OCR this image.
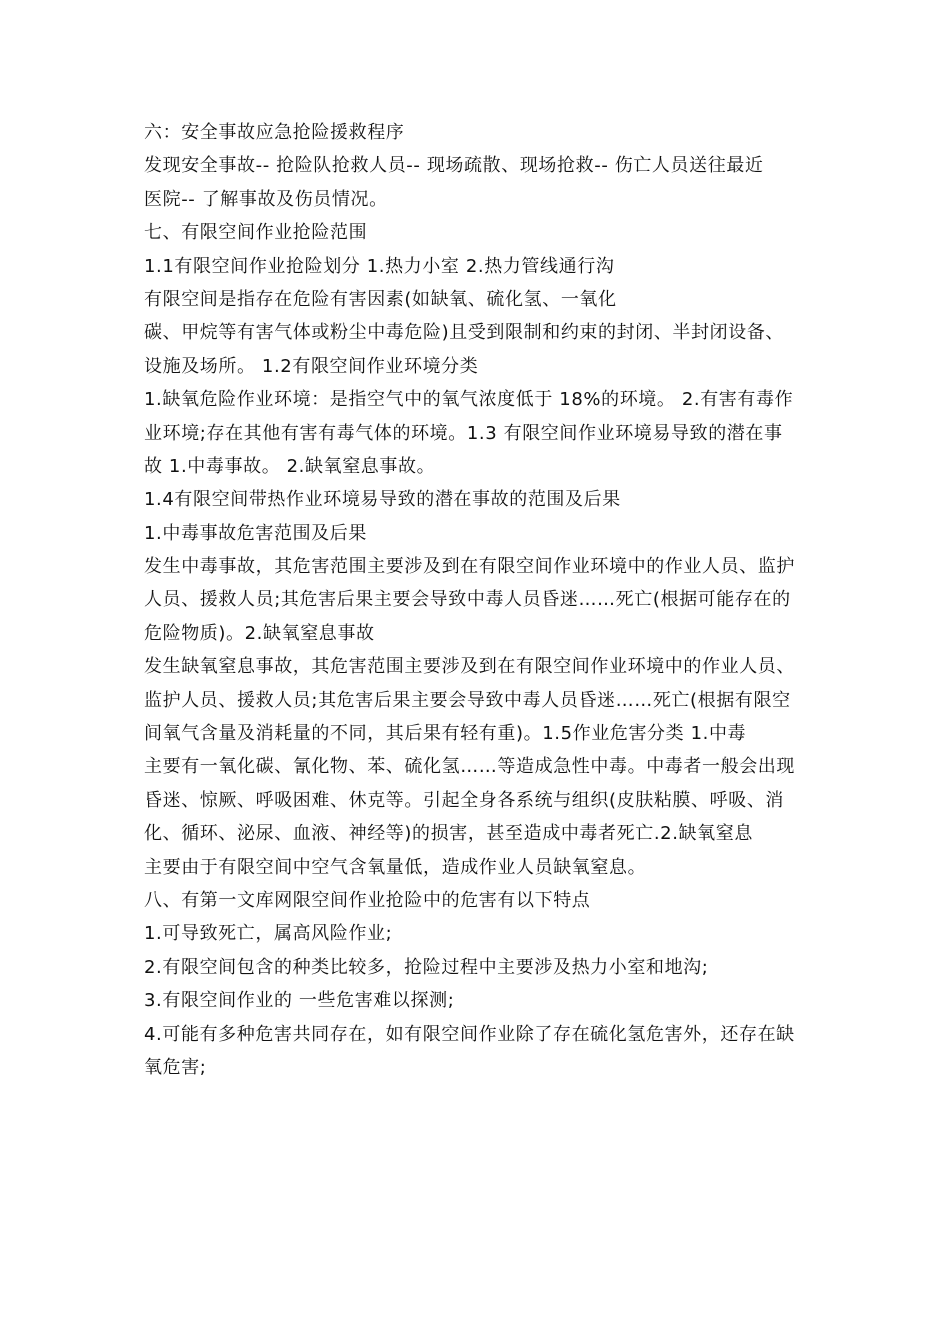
六：安全事故应急抢险援救程序
发现安全事故-- 抢险队抢救人员-- 现场疏散、现场抢救-- 伤亡人员送往最近
医院-- 了解事故及伤员情况。
七、有限空间作业抢险范围
1.1有限空间作业抢险划分 1.热力小室 2.热力管线通行沟
有限空间是指存在危险有害因素(如缺氧、硫化氢、一氧化
碳、甲烷等有害气体或粉尘中毒危险)且受到限制和约束的封闭、半封闭设备、
设施及场所。 1.2有限空间作业环境分类
1.缺氧危险作业环境：是指空气中的氧气浓度低于 18%的环境。 2.有害有毒作
业环境;存在其他有害有毒气体的环境。1.3 有限空间作业环境易导致的潜在事
故 1.中毒事故。 2.缺氧窒息事故。
1.4有限空间带热作业环境易导致的潜在事故的范围及后果
1.中毒事故危害范围及后果
发生中毒事故，其危害范围主要涉及到在有限空间作业环境中的作业人员、监护
人员、援救人员;其危害后果主要会导致中毒人员昏迷……死亡(根据可能存在的
危险物质)。2.缺氧窒息事故
发生缺氧窒息事故，其危害范围主要涉及到在有限空间作业环境中的作业人员、
监护人员、援救人员;其危害后果主要会导致中毒人员昏迷……死亡(根据有限空
间氧气含量及消耗量的不同，其后果有轻有重)。1.5作业危害分类 1.中毒
主要有一氧化碳、氰化物、苯、硫化氢……等造成急性中毒。中毒者一般会出现
昏迷、惊厥、呼吸困难、休克等。引起全身各系统与组织(皮肤粘膜、呼吸、消
化、循环、泌尿、血液、神经等)的损害，甚至造成中毒者死亡.2.缺氧窒息
主要由于有限空间中空气含氧量低，造成作业人员缺氧窒息。
八、有第一文库网限空间作业抢险中的危害有以下特点
1.可导致死亡，属高风险作业;
2.有限空间包含的种类比较多，抢险过程中主要涉及热力小室和地沟;
3.有限空间作业的 一些危害难以探测;
4.可能有多种危害共同存在，如有限空间作业除了存在硫化氢危害外，还存在缺
氧危害;
